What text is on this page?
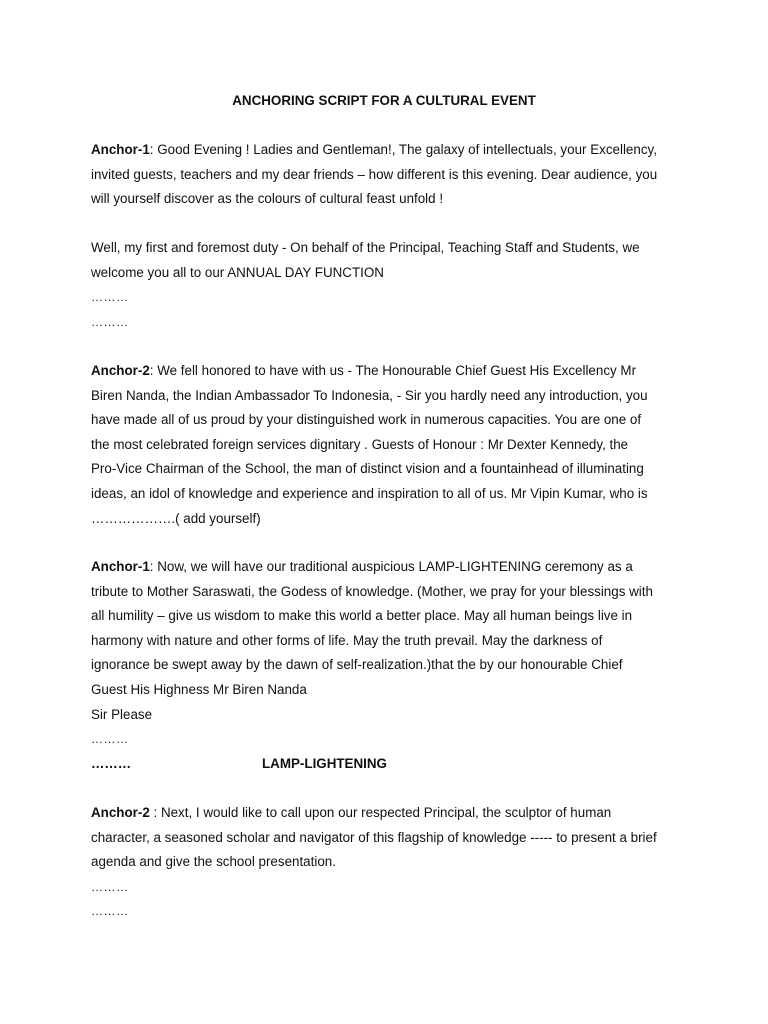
ANCHORING SCRIPT FOR A CULTURAL EVENT
Anchor-1: Good Evening ! Ladies and Gentleman!, The galaxy of intellectuals, your Excellency,
invited guests, teachers and my dear friends – how different is this evening. Dear audience, you
will yourself discover as the colours of cultural feast unfold !
Well, my first and foremost duty - On behalf of the Principal, Teaching Staff and Students, we
welcome you all to our ANNUAL DAY FUNCTION
………
………
Anchor-2: We fell honored to have with us - The Honourable Chief Guest His Excellency Mr
Biren Nanda, the Indian Ambassador To Indonesia, - Sir you hardly need any introduction, you
have made all of us proud by your distinguished work in numerous capacities. You are one of
the most celebrated foreign services dignitary . Guests of Honour : Mr Dexter Kennedy, the
Pro-Vice Chairman of the School, the man of distinct vision and a fountainhead of illuminating
ideas, an idol of knowledge and experience and inspiration to all of us. Mr Vipin Kumar, who is
……………….( add yourself)
Anchor-1: Now, we will have our traditional auspicious LAMP-LIGHTENING ceremony as a
tribute to Mother Saraswati, the Godess of knowledge. (Mother, we pray for your blessings with
all humility – give us wisdom to make this world a better place. May all human beings live in
harmony with nature and other forms of life. May the truth prevail. May the darkness of
ignorance be swept away by the dawn of self-realization.)that the by our honourable Chief
Guest His Highness Mr Biren Nanda
Sir Please
………
………	LAMP-LIGHTENING
Anchor-2 : Next, I would like to call upon our respected Principal, the sculptor of human
character, a seasoned scholar and navigator of this flagship of knowledge ----- to present a brief
agenda and give the school presentation.
………
………
